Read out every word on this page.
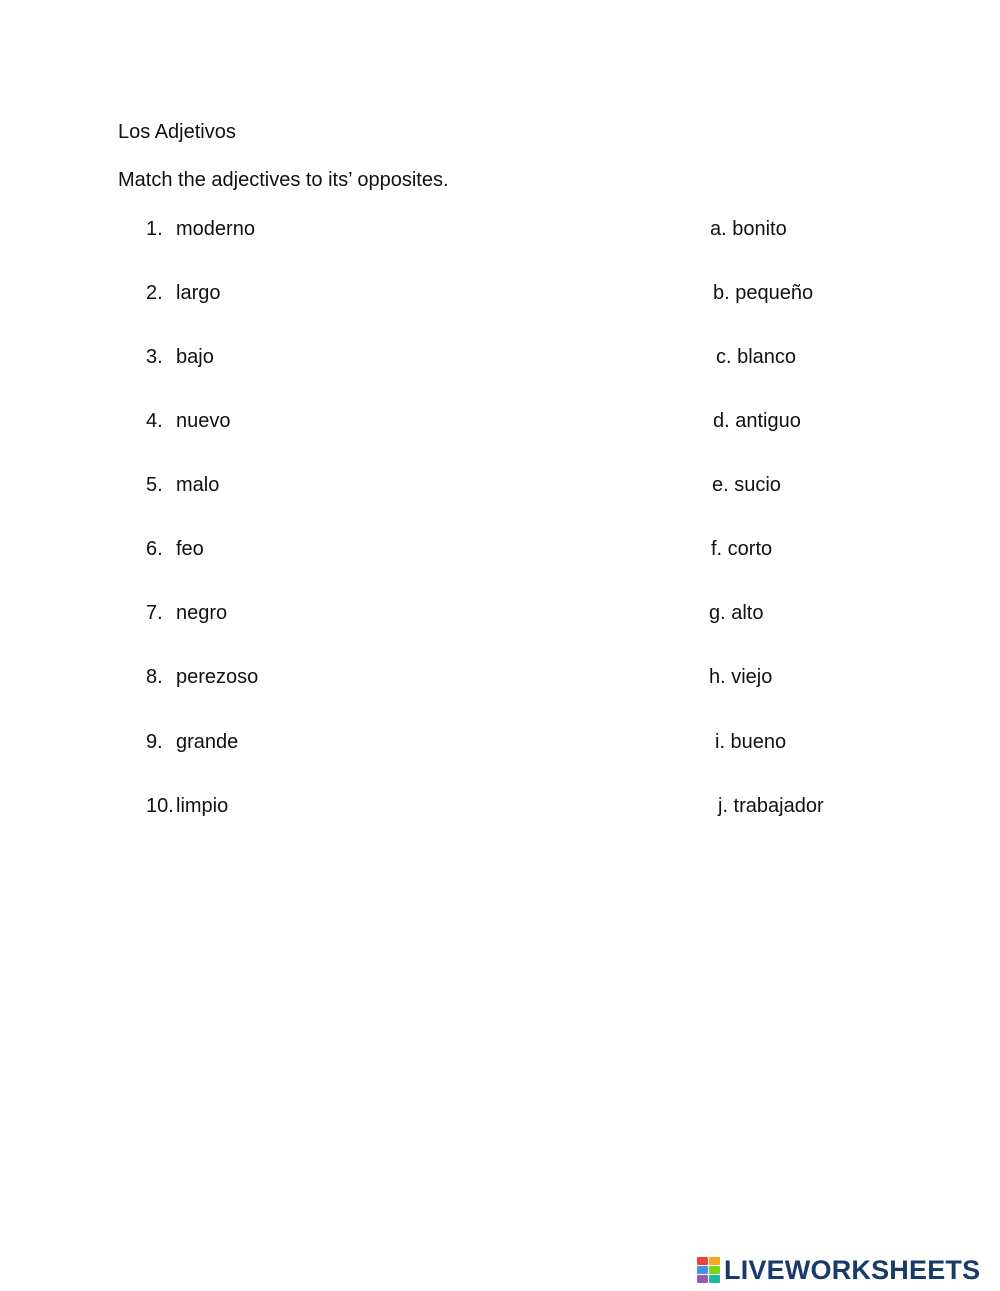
Los Adjetivos
Match the adjectives to its’ opposites.
1. moderno	a. bonito
2. largo	b. pequeño
3. bajo	c. blanco
4. nuevo	d. antiguo
5. malo	e. sucio
6. feo	f. corto
7. negro	g. alto
8. perezoso	h. viejo
9. grande	i. bueno
10. limpio	j. trabajador
LIVEWORKSHEETS
